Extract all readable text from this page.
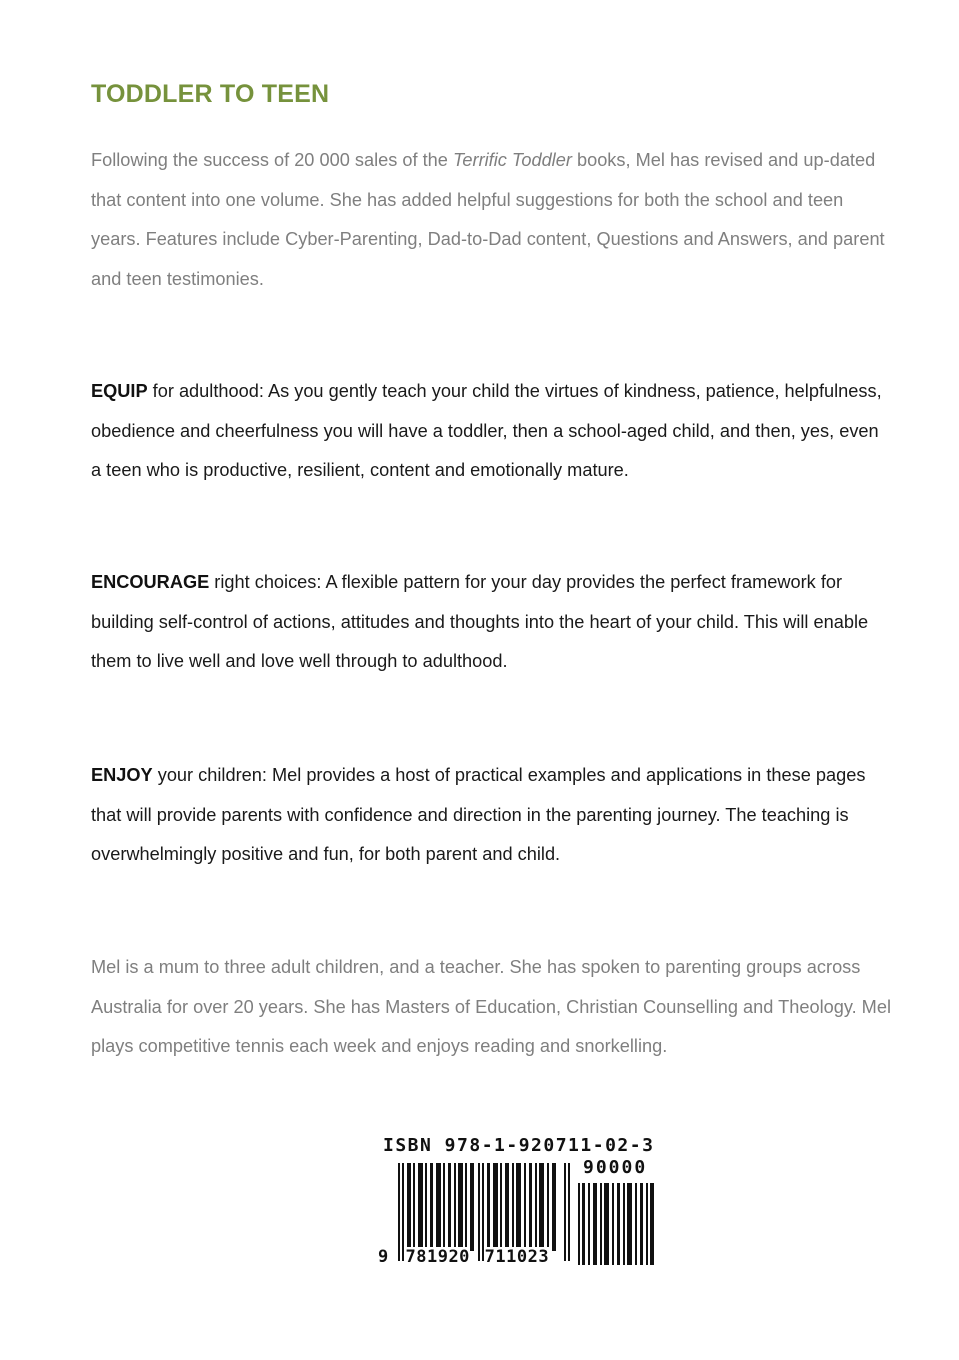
TODDLER TO TEEN

Following the success of 20 000 sales of the Terrific Toddler books, Mel has revised and up-dated that content into one volume. She has added helpful suggestions for both the school and teen years. Features include Cyber-Parenting, Dad-to-Dad content, Questions and Answers, and parent and teen testimonies.

EQUIP for adulthood: As you gently teach your child the virtues of kindness, patience, helpfulness, obedience and cheerfulness you will have a toddler, then a school-aged child, and then, yes, even a teen who is productive, resilient, content and emotionally mature.

ENCOURAGE right choices: A flexible pattern for your day provides the perfect framework for building self-control of actions, attitudes and thoughts into the heart of your child. This will enable them to live well and love well through to adulthood.

ENJOY your children: Mel provides a host of practical examples and applications in these pages that will provide parents with confidence and direction in the parenting journey. The teaching is overwhelmingly positive and fun, for both parent and child.

Mel is a mum to three adult children, and a teacher. She has spoken to parenting groups across Australia for over 20 years. She has Masters of Education, Christian Counselling and Theology. Mel plays competitive tennis each week and enjoys reading and snorkelling.

ISBN 978-1-920711-02-3
90000
9 781920 711023
